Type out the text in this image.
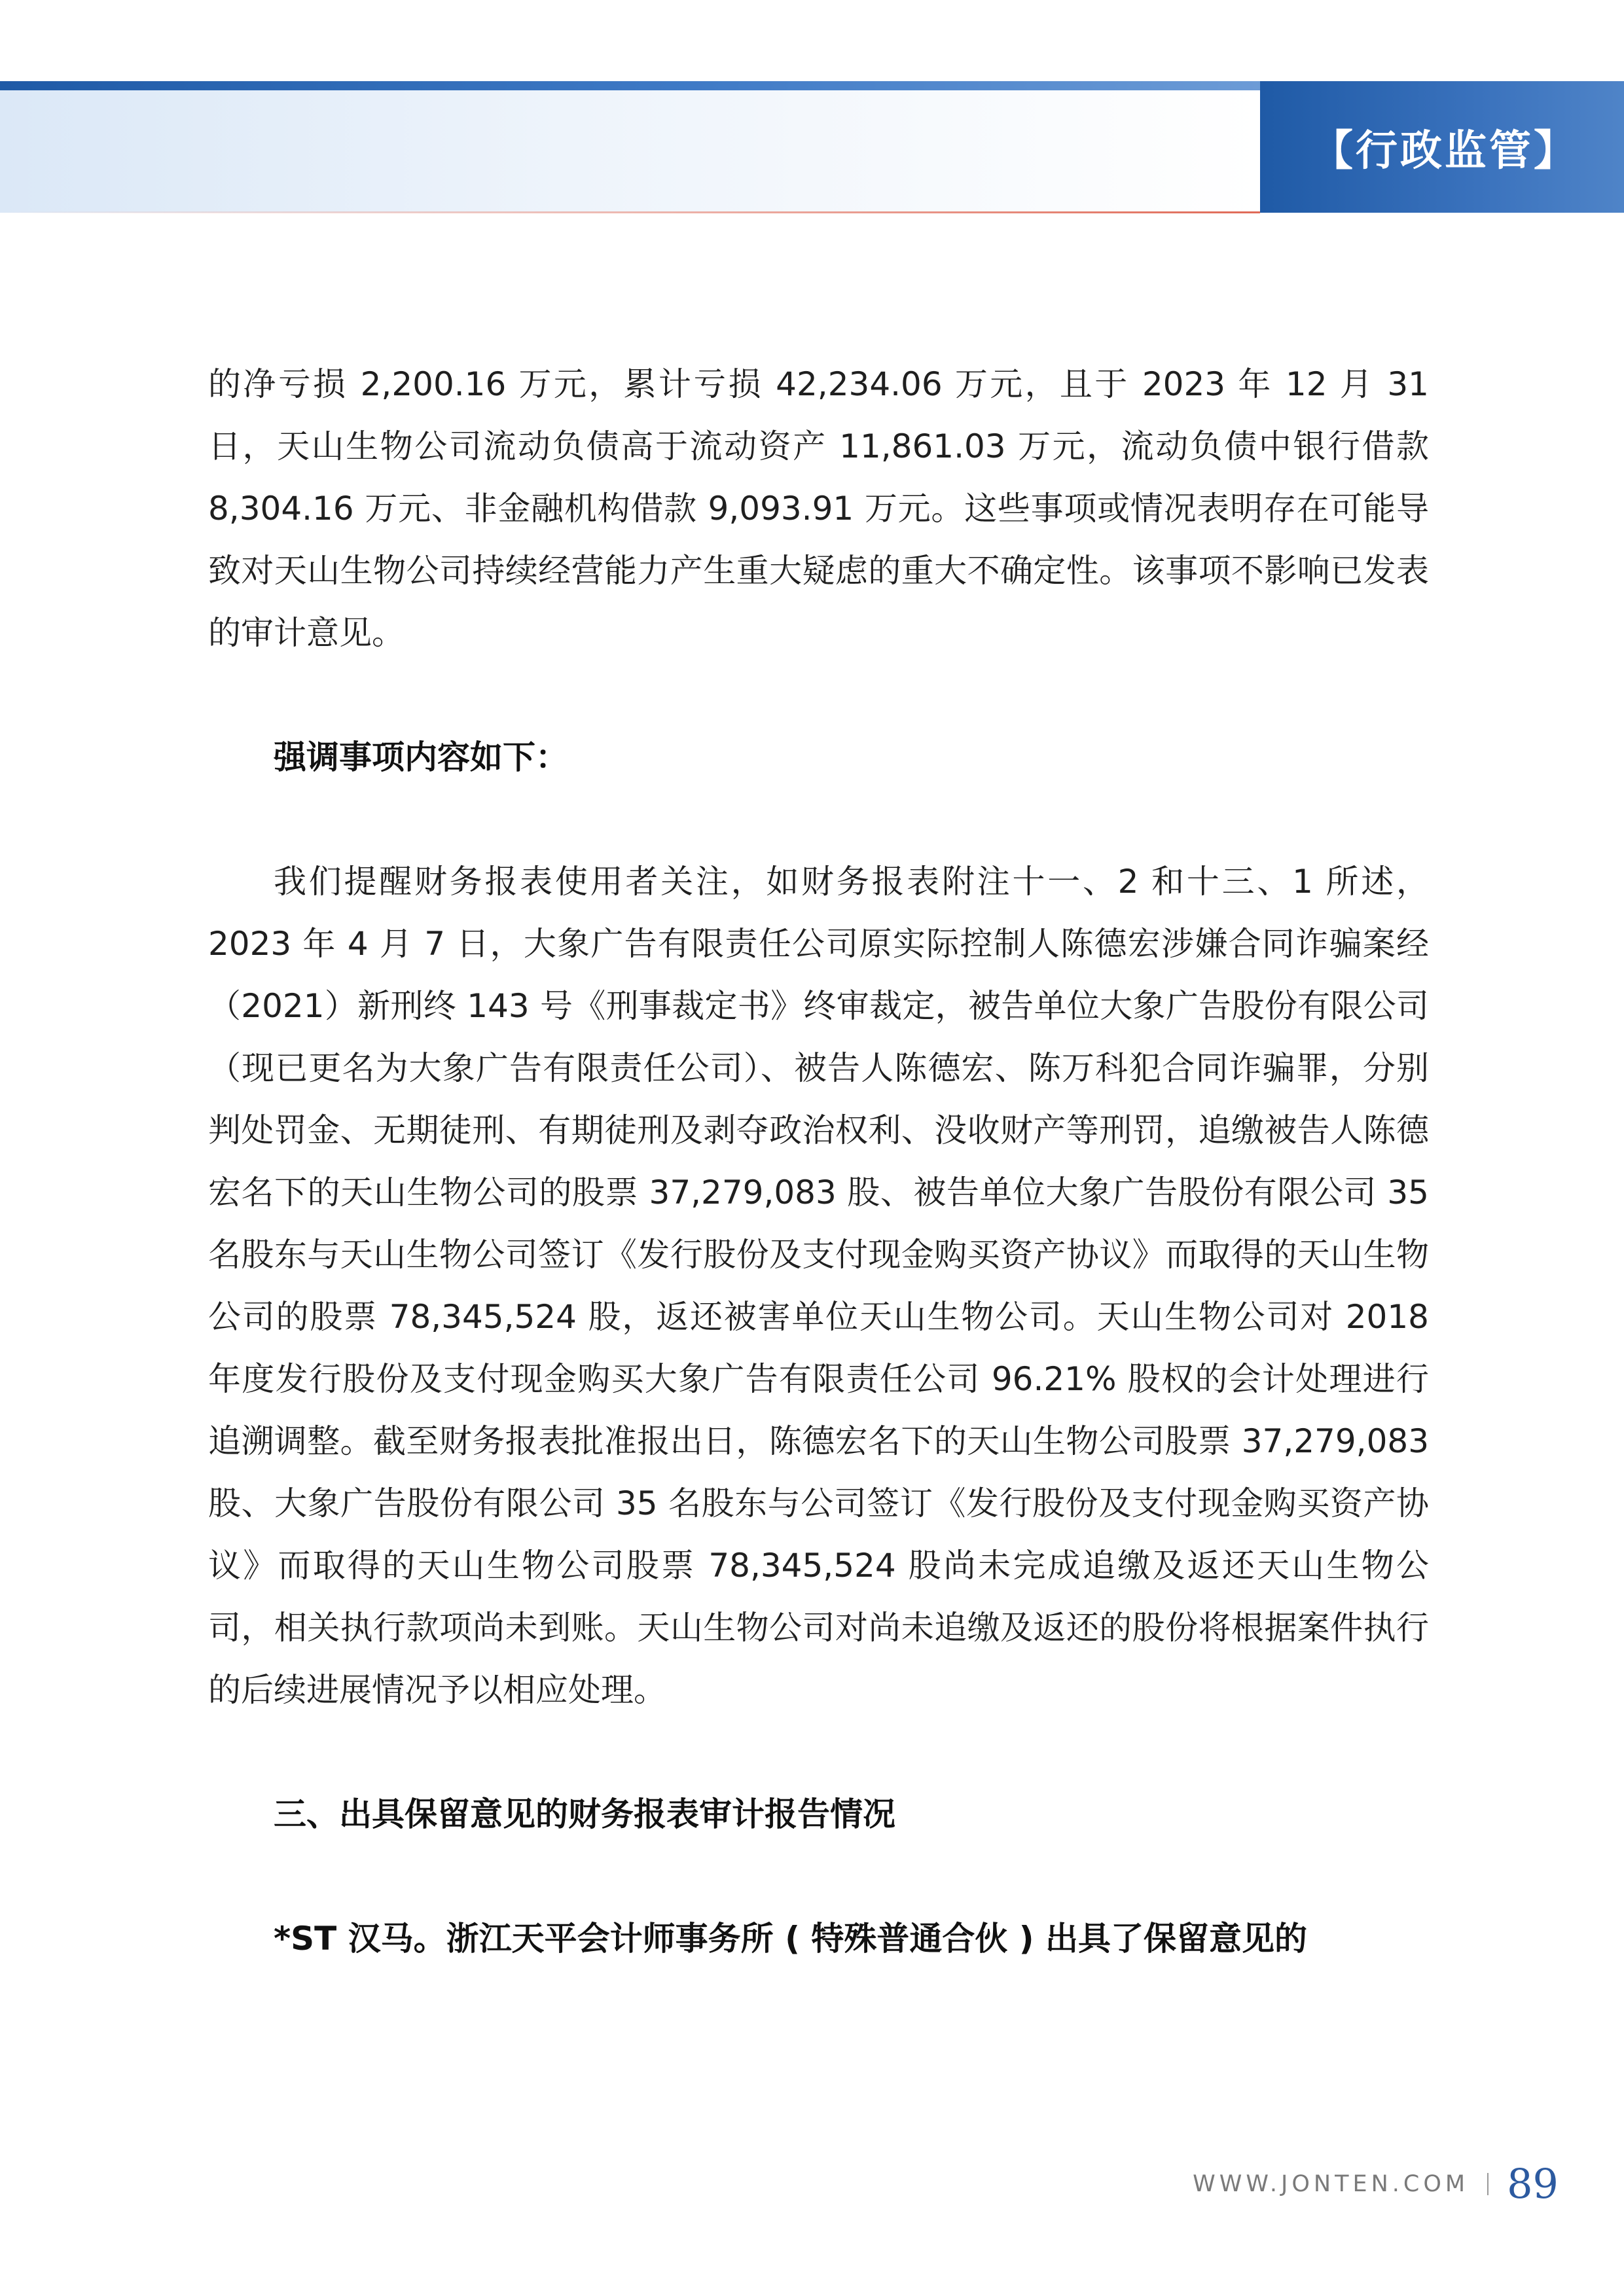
【行政监管】

的净亏损 2,200.16 万元，累计亏损 42,234.06 万元，且于 2023 年 12 月 31 日，天山生物公司流动负债高于流动资产 11,861.03 万元，流动负债中银行借款 8,304.16 万元、非金融机构借款 9,093.91 万元。这些事项或情况表明存在可能导致对天山生物公司持续经营能力产生重大疑虑的重大不确定性。该事项不影响已发表的审计意见。

强调事项内容如下：

我们提醒财务报表使用者关注，如财务报表附注十一、2 和十三、1 所述，2023 年 4 月 7 日，大象广告有限责任公司原实际控制人陈德宏涉嫌合同诈骗案经（2021）新刑终 143 号《刑事裁定书》终审裁定，被告单位大象广告股份有限公司（现已更名为大象广告有限责任公司）、被告人陈德宏、陈万科犯合同诈骗罪，分别判处罚金、无期徒刑、有期徒刑及剥夺政治权利、没收财产等刑罚，追缴被告人陈德宏名下的天山生物公司的股票 37,279,083 股、被告单位大象广告股份有限公司 35 名股东与天山生物公司签订《发行股份及支付现金购买资产协议》而取得的天山生物公司的股票 78,345,524 股，返还被害单位天山生物公司。天山生物公司对 2018 年度发行股份及支付现金购买大象广告有限责任公司 96.21% 股权的会计处理进行追溯调整。截至财务报表批准报出日，陈德宏名下的天山生物公司股票 37,279,083 股、大象广告股份有限公司 35 名股东与公司签订《发行股份及支付现金购买资产协议》而取得的天山生物公司股票 78,345,524 股尚未完成追缴及返还天山生物公司，相关执行款项尚未到账。天山生物公司对尚未追缴及返还的股份将根据案件执行的后续进展情况予以相应处理。

三、出具保留意见的财务报表审计报告情况

*ST 汉马。浙江天平会计师事务所 ( 特殊普通合伙 ) 出具了保留意见的

WWW.JONTEN.COM 89
